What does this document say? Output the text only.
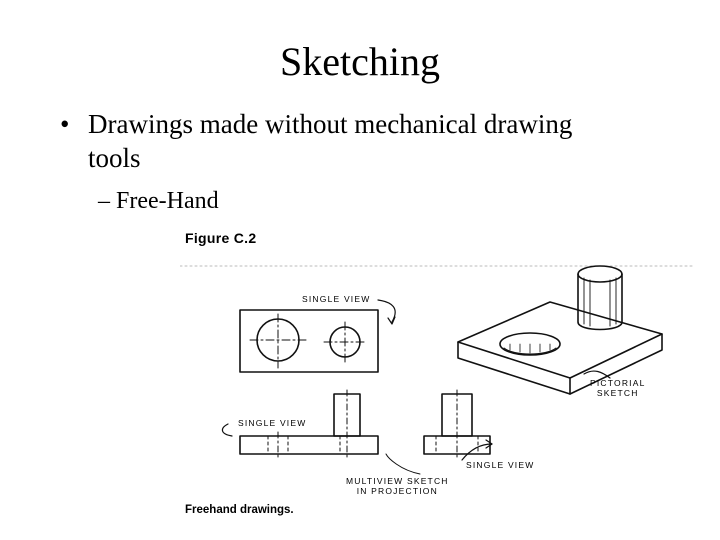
Sketching
• Drawings made without mechanical drawing tools
– Free-Hand
Figure C.2
SINGLE VIEW
SINGLE VIEW
SINGLE VIEW
PICTORIAL
SKETCH
MULTIVIEW SKETCH
IN PROJECTION
Freehand drawings.
